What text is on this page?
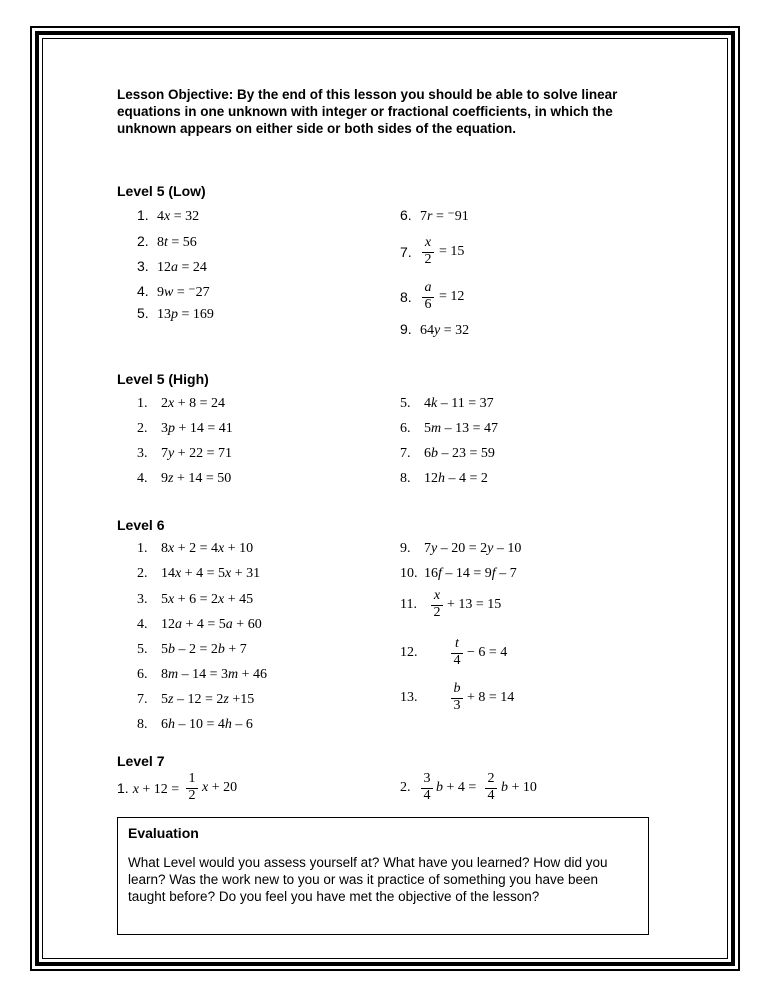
Lesson Objective: By the end of this lesson you should be able to solve linear equations in one unknown with integer or fractional coefficients, in which the unknown appears on either side or both sides of the equation.
Level 5 (Low)
1. 4x = 32
2. 8t = 56
3. 12a = 24
4. 9w = ⁻27
5. 13p = 169
6. 7r = ⁻91
7.
x
2
= 15
8.
a
6
= 12
9. 64y = 32
Level 5 (High)
1. 2x + 8 = 24
2. 3p + 14 = 41
3. 7y + 22 = 71
4. 9z + 14 = 50
5. 4k – 11 = 37
6. 5m – 13 = 47
7. 6b – 23 = 59
8. 12h – 4 = 2
Level 6
1. 8x + 2 = 4x + 10
2. 14x + 4 = 5x + 31
3. 5x + 6 = 2x + 45
4. 12a + 4 = 5a + 60
5. 5b – 2 = 2b + 7
6. 8m – 14 = 3m + 46
7. 5z – 12 = 2z +15
8. 6h – 10 = 4h – 6
9. 7y – 20 = 2y – 10
10. 16f – 14 = 9f – 7
11.
x
2
+ 13 = 15
12.
t
4
− 6 = 4
13.
b
3
+ 8 = 14
Level 7
1. x + 12 =
1
2
x + 20	2.
3
4
b + 4 =
2
4
b + 10
Evaluation
What Level would you assess yourself at? What have you learned? How did you learn? Was the work new to you or was it practice of something you have been taught before? Do you feel you have met the objective of the lesson?
